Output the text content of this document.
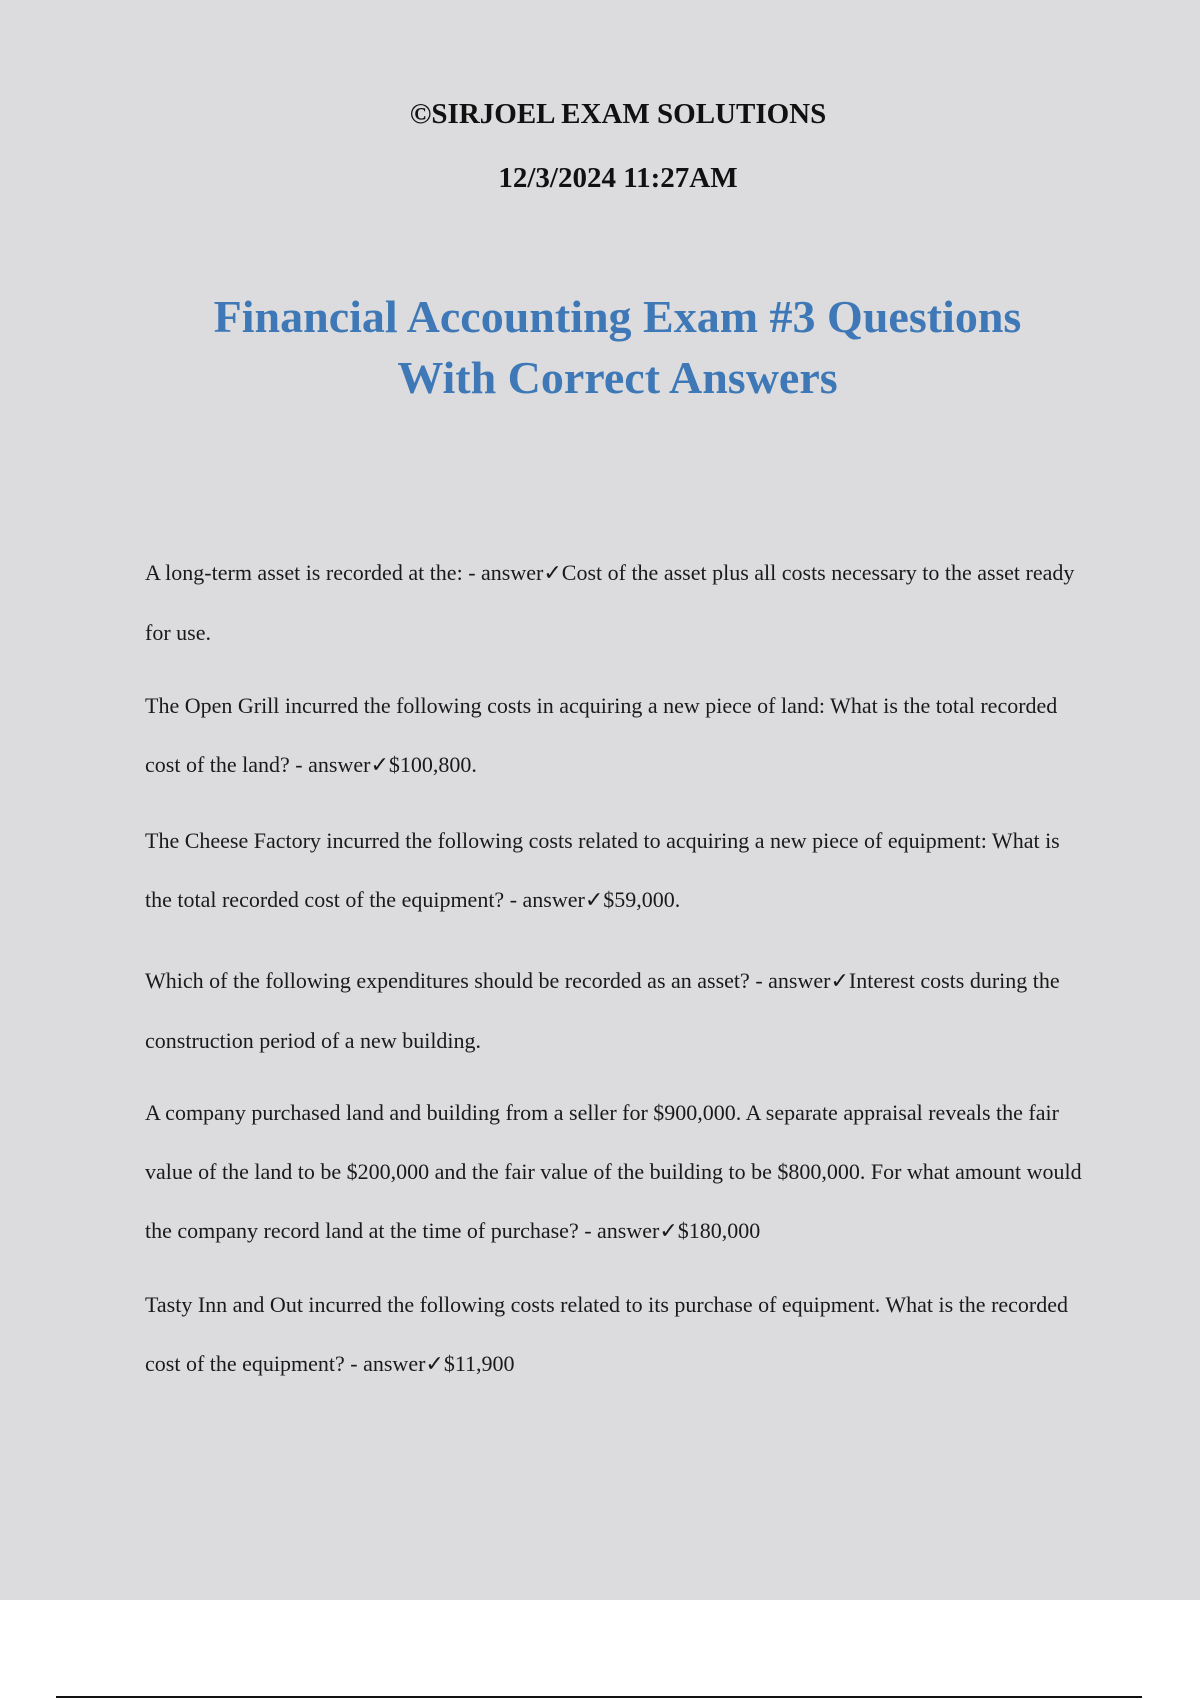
©SIRJOEL EXAM SOLUTIONS
12/3/2024 11:27AM
Financial Accounting Exam #3 Questions
With Correct Answers
A long-term asset is recorded at the: - answer✓Cost of the asset plus all costs necessary to the asset ready for use.
The Open Grill incurred the following costs in acquiring a new piece of land: What is the total recorded cost of the land? - answer✓$100,800.
The Cheese Factory incurred the following costs related to acquiring a new piece of equipment: What is the total recorded cost of the equipment? - answer✓$59,000.
Which of the following expenditures should be recorded as an asset? - answer✓Interest costs during the construction period of a new building.
A company purchased land and building from a seller for $900,000. A separate appraisal reveals the fair value of the land to be $200,000 and the fair value of the building to be $800,000. For what amount would the company record land at the time of purchase? - answer✓$180,000
Tasty Inn and Out incurred the following costs related to its purchase of equipment. What is the recorded cost of the equipment? - answer✓$11,900
